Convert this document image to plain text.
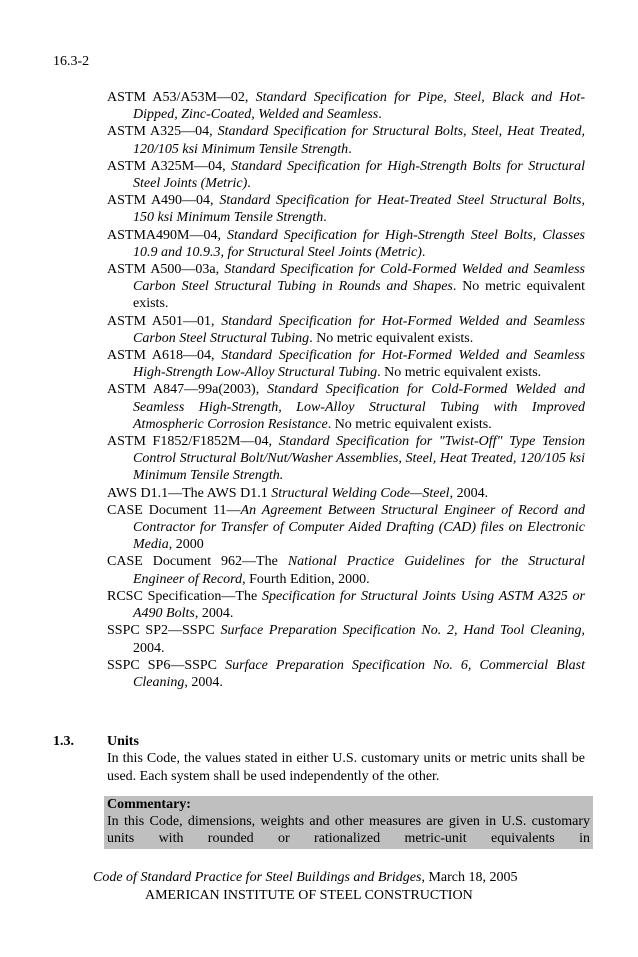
16.3-2
ASTM A53/A53M—02, Standard Specification for Pipe, Steel, Black and Hot-Dipped, Zinc-Coated, Welded and Seamless.
ASTM A325—04, Standard Specification for Structural Bolts, Steel, Heat Treated, 120/105 ksi Minimum Tensile Strength.
ASTM A325M—04, Standard Specification for High-Strength Bolts for Structural Steel Joints (Metric).
ASTM A490—04, Standard Specification for Heat-Treated Steel Structural Bolts, 150 ksi Minimum Tensile Strength.
ASTMA490M—04, Standard Specification for High-Strength Steel Bolts, Classes 10.9 and 10.9.3, for Structural Steel Joints (Metric).
ASTM A500—03a, Standard Specification for Cold-Formed Welded and Seamless Carbon Steel Structural Tubing in Rounds and Shapes. No metric equivalent exists.
ASTM A501—01, Standard Specification for Hot-Formed Welded and Seamless Carbon Steel Structural Tubing. No metric equivalent exists.
ASTM A618—04, Standard Specification for Hot-Formed Welded and Seamless High-Strength Low-Alloy Structural Tubing. No metric equivalent exists.
ASTM A847—99a(2003), Standard Specification for Cold-Formed Welded and Seamless High-Strength, Low-Alloy Structural Tubing with Improved Atmospheric Corrosion Resistance. No metric equivalent exists.
ASTM F1852/F1852M—04, Standard Specification for "Twist-Off" Type Tension Control Structural Bolt/Nut/Washer Assemblies, Steel, Heat Treated, 120/105 ksi Minimum Tensile Strength.
AWS D1.1—The AWS D1.1 Structural Welding Code—Steel, 2004.
CASE Document 11—An Agreement Between Structural Engineer of Record and Contractor for Transfer of Computer Aided Drafting (CAD) files on Electronic Media, 2000
CASE Document 962—The National Practice Guidelines for the Structural Engineer of Record, Fourth Edition, 2000.
RCSC Specification—The Specification for Structural Joints Using ASTM A325 or A490 Bolts, 2004.
SSPC SP2—SSPC Surface Preparation Specification No. 2, Hand Tool Cleaning, 2004.
SSPC SP6—SSPC Surface Preparation Specification No. 6, Commercial Blast Cleaning, 2004.
1.3. Units
In this Code, the values stated in either U.S. customary units or metric units shall be used. Each system shall be used independently of the other.
Commentary:
In this Code, dimensions, weights and other measures are given in U.S. customary units with rounded or rationalized metric-unit equivalents in
Code of Standard Practice for Steel Buildings and Bridges, March 18, 2005
AMERICAN INSTITUTE OF STEEL CONSTRUCTION
